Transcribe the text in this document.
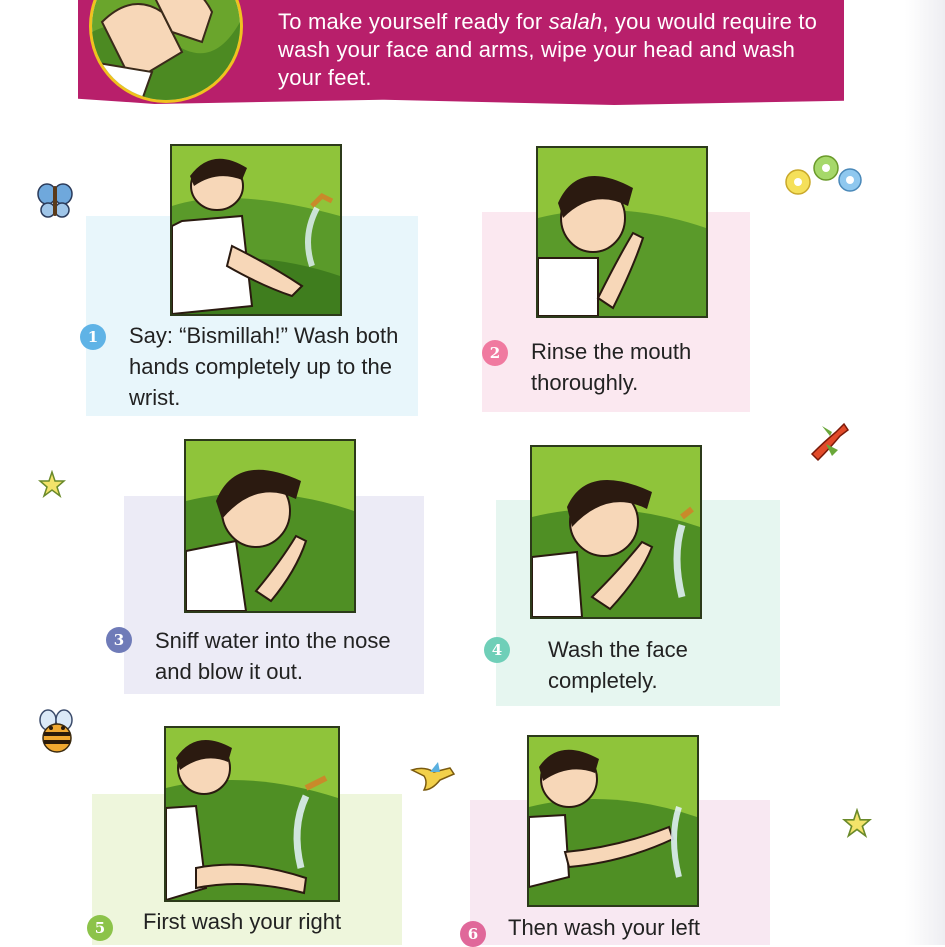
To make yourself ready for salah, you would require to wash your face and arms, wipe your head and wash your feet.
1	Say: “Bismillah!” Wash both hands completely up to the wrist.
2	Rinse the mouth thoroughly.
3	Sniff water into the nose and blow it out.
4	Wash the face completely.
5	First wash your right	6	Then wash your left
